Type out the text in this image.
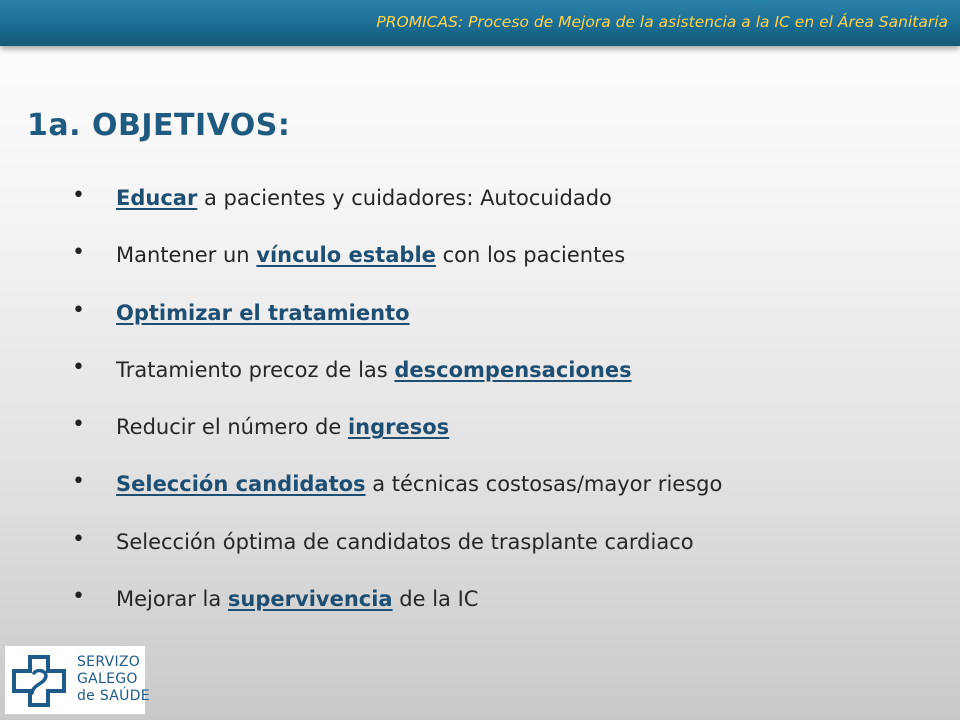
PROMICAS: Proceso de Mejora de la asistencia a la IC en el Área Sanitaria
1a. OBJETIVOS:
•	Educar a pacientes y cuidadores: Autocuidado
•	Mantener un vínculo estable con los pacientes
•	Optimizar el tratamiento
•	Tratamiento precoz de las descompensaciones
•	Reducir el número de ingresos
•	Selección candidatos a técnicas costosas/mayor riesgo
•	Selección óptima de candidatos de trasplante cardiaco
•	Mejorar la supervivencia de la IC
SERVIZO
GALEGO
de SAÚDE
